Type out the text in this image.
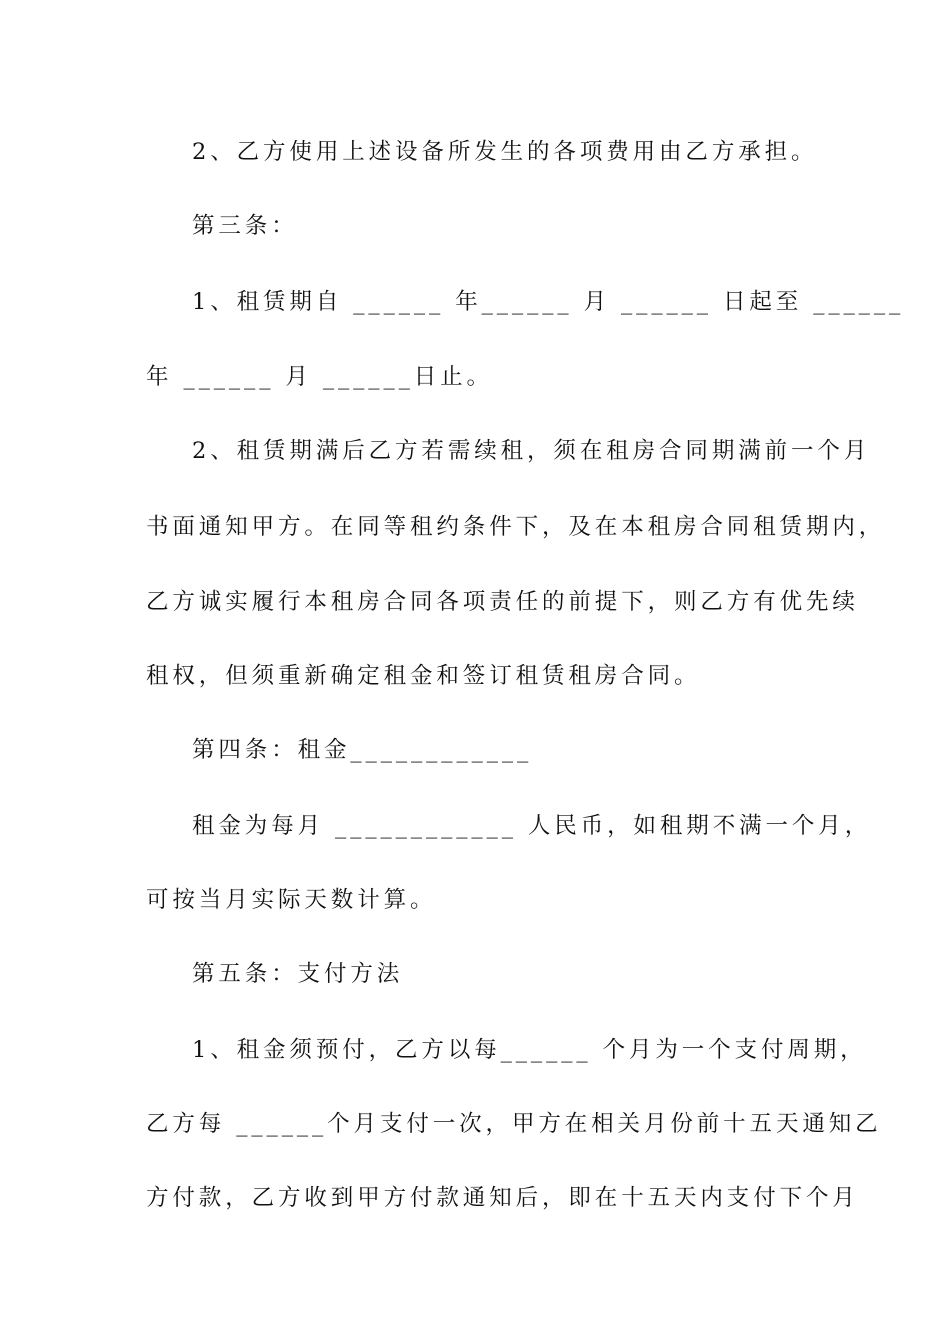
2、乙方使用上述设备所发生的各项费用由乙方承担。
第三条：
1、租赁期自 ______ 年______ 月 ______ 日起至 ______
年 ______ 月 ______日止。
2、租赁期满后乙方若需续租，须在租房合同期满前一个月
书面通知甲方。在同等租约条件下，及在本租房合同租赁期内，
乙方诚实履行本租房合同各项责任的前提下，则乙方有优先续
租权，但须重新确定租金和签订租赁租房合同。
第四条：租金____________
租金为每月 ____________ 人民币，如租期不满一个月，
可按当月实际天数计算。
第五条：支付方法
1、租金须预付，乙方以每______ 个月为一个支付周期，
乙方每 ______个月支付一次，甲方在相关月份前十五天通知乙
方付款，乙方收到甲方付款通知后，即在十五天内支付下个月
